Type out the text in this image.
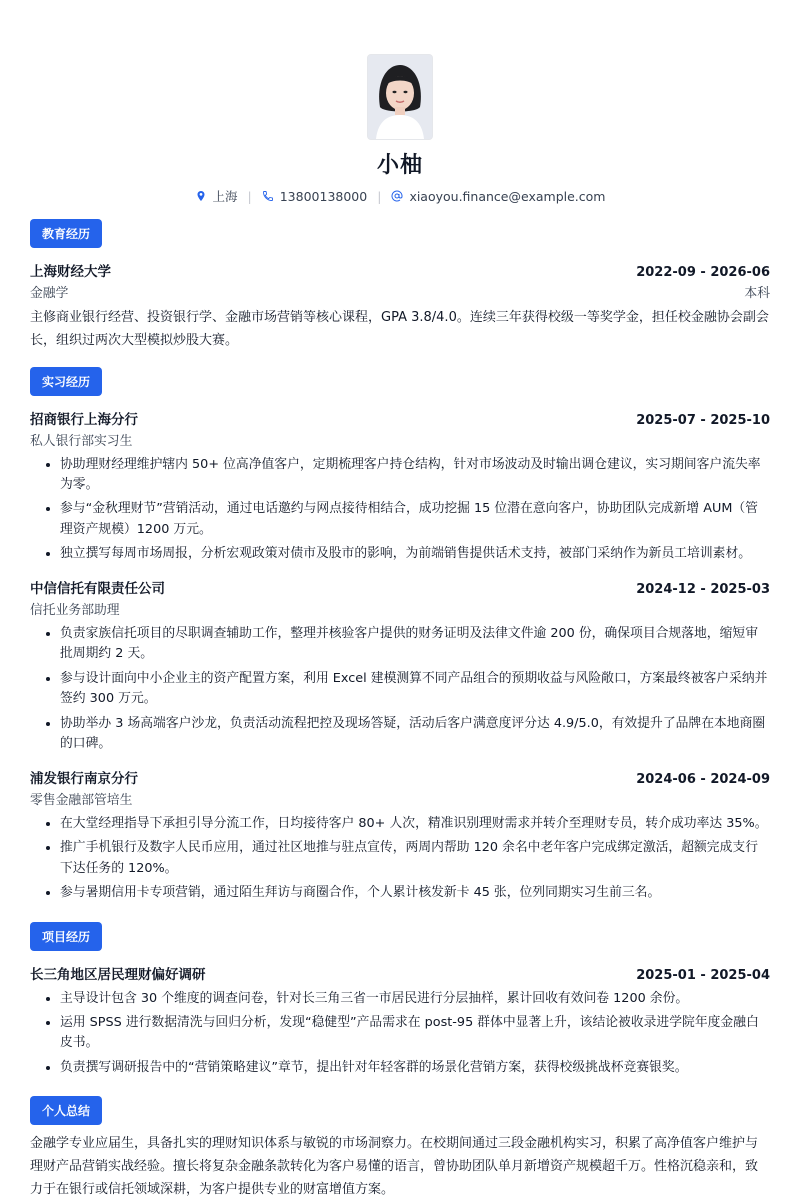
小柚
上海 | 13800138000 | xiaoyou.finance@example.com
教育经历
上海财经大学	2022-09 - 2026-06
金融学	本科
主修商业银行经营、投资银行学、金融市场营销等核心课程，GPA 3.8/4.0。连续三年获得校级一等奖学金，担任校金融协会副会长，组织过两次大型模拟炒股大赛。
实习经历
招商银行上海分行	2025-07 - 2025-10
私人银行部实习生
• 协助理财经理维护辖内 50+ 位高净值客户，定期梳理客户持仓结构，针对市场波动及时输出调仓建议，实习期间客户流失率为零。
• 参与“金秋理财节”营销活动，通过电话邀约与网点接待相结合，成功挖掘 15 位潜在意向客户，协助团队完成新增 AUM（管理资产规模）1200 万元。
• 独立撰写每周市场周报，分析宏观政策对债市及股市的影响，为前端销售提供话术支持，被部门采纳作为新员工培训素材。
中信信托有限责任公司	2024-12 - 2025-03
信托业务部助理
• 负责家族信托项目的尽职调查辅助工作，整理并核验客户提供的财务证明及法律文件逾 200 份，确保项目合规落地，缩短审批周期约 2 天。
• 参与设计面向中小企业主的资产配置方案，利用 Excel 建模测算不同产品组合的预期收益与风险敞口，方案最终被客户采纳并签约 300 万元。
• 协助举办 3 场高端客户沙龙，负责活动流程把控及现场答疑，活动后客户满意度评分达 4.9/5.0，有效提升了品牌在本地商圈的口碑。
浦发银行南京分行	2024-06 - 2024-09
零售金融部管培生
• 在大堂经理指导下承担引导分流工作，日均接待客户 80+ 人次，精准识别理财需求并转介至理财专员，转介成功率达 35%。
• 推广手机银行及数字人民币应用，通过社区地推与驻点宣传，两周内帮助 120 余名中老年客户完成绑定激活，超额完成支行下达任务的 120%。
• 参与暑期信用卡专项营销，通过陌生拜访与商圈合作，个人累计核发新卡 45 张，位列同期实习生前三名。
项目经历
长三角地区居民理财偏好调研	2025-01 - 2025-04
• 主导设计包含 30 个维度的调查问卷，针对长三角三省一市居民进行分层抽样，累计回收有效问卷 1200 余份。
• 运用 SPSS 进行数据清洗与回归分析，发现“稳健型”产品需求在 post-95 群体中显著上升，该结论被收录进学院年度金融白皮书。
• 负责撰写调研报告中的“营销策略建议”章节，提出针对年轻客群的场景化营销方案，获得校级挑战杯竞赛银奖。
个人总结
金融学专业应届生，具备扎实的理财知识体系与敏锐的市场洞察力。在校期间通过三段金融机构实习，积累了高净值客户维护与理财产品营销实战经验。擅长将复杂金融条款转化为客户易懂的语言，曾协助团队单月新增资产规模超千万。性格沉稳亲和，致力于在银行或信托领域深耕，为客户提供专业的财富增值方案。
